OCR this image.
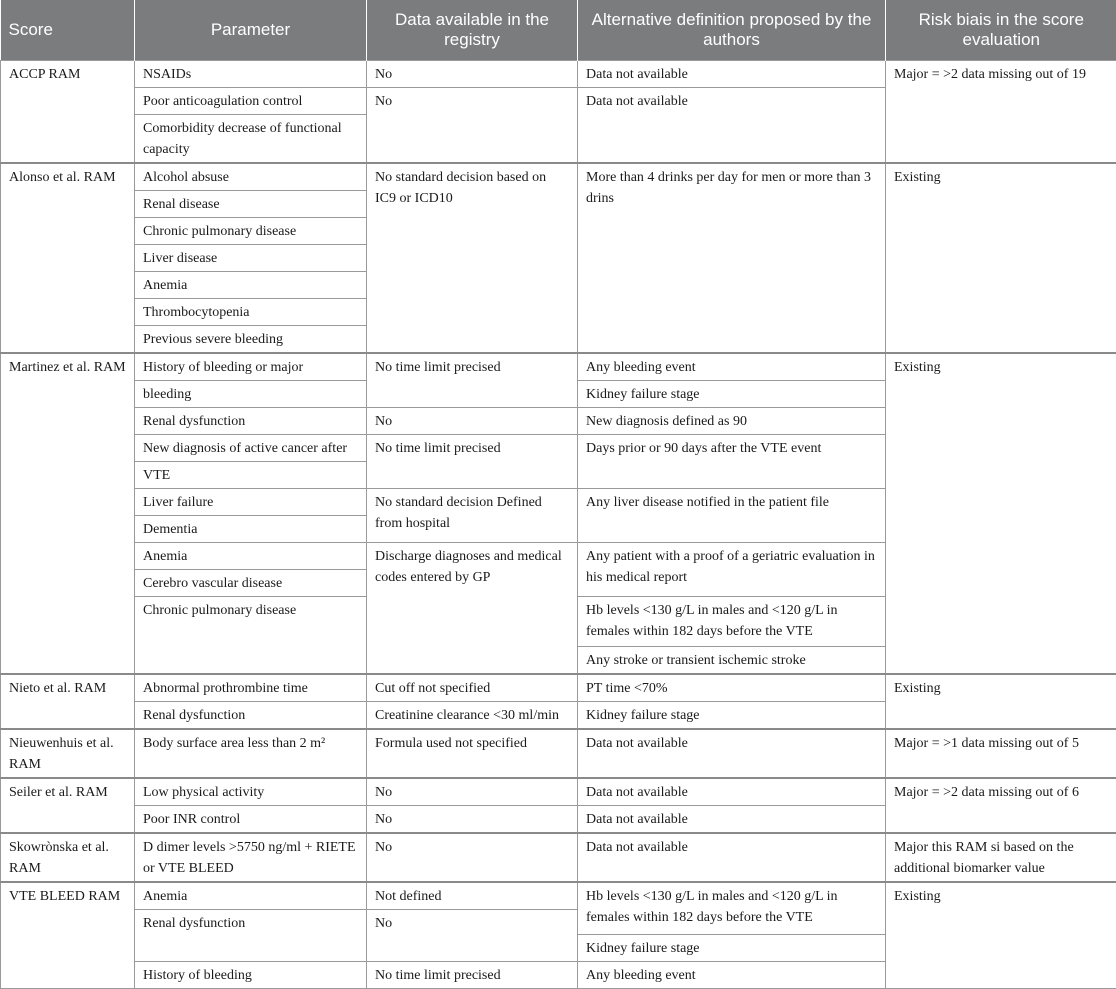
Score	Parameter	Data available in the registry	Alternative definition proposed by the authors	Risk biais in the score evaluation
ACCP RAM	NSAIDs	No	Data not available	Major = >2 data missing out of 19
	Poor anticoagulation control	No	Data not available	
	Comorbidity decrease of functional capacity			
Alonso et al. RAM	Alcohol absuse	No standard decision based on IC9 or ICD10	More than 4 drinks per day for men or more than 3 drins	Existing
	Renal disease			
	Chronic pulmonary disease			
	Liver disease			
	Anemia			
	Thrombocytopenia			
	Previous severe bleeding			
Martinez et al. RAM	History of bleeding or major	No time limit precised	Any bleeding event	Existing
	bleeding		Kidney failure stage	
	Renal dysfunction	No	New diagnosis defined as 90	
	New diagnosis of active cancer after	No time limit precised	Days prior or 90 days after the VTE event	
	VTE			
	Liver failure	No standard decision Defined from hospital	Any liver disease notified in the patient file	
	Dementia			
	Anemia	Discharge diagnoses and medical codes entered by GP	Any patient with a proof of a geriatric evaluation in his medical report	
	Cerebro vascular disease			
	Chronic pulmonary disease		Hb levels <130 g/L in males and <120 g/L in females within 182 days before the VTE	

			Any stroke or transient ischemic stroke	
Nieto et al. RAM	Abnormal prothrombine time	Cut off not specified	PT time <70%	Existing
	Renal dysfunction	Creatinine clearance <30 ml/min	Kidney failure stage	
Nieuwenhuis et al. RAM	Body surface area less than 2 m²	Formula used not specified	Data not available	Major = >1 data missing out of 5
Seiler et al. RAM	Low physical activity	No	Data not available	Major = >2 data missing out of 6
	Poor INR control	No	Data not available	
Skowrònska et al. RAM	D dimer levels >5750 ng/ml + RIETE or VTE BLEED	No	Data not available	Major this RAM si based on the additional biomarker value
VTE BLEED RAM	Anemia	Not defined	Hb levels <130 g/L in males and <120 g/L in females within 182 days before the VTE	Existing
	Renal dysfunction	No		
			Kidney failure stage	
	History of bleeding	No time limit precised	Any bleeding event	
